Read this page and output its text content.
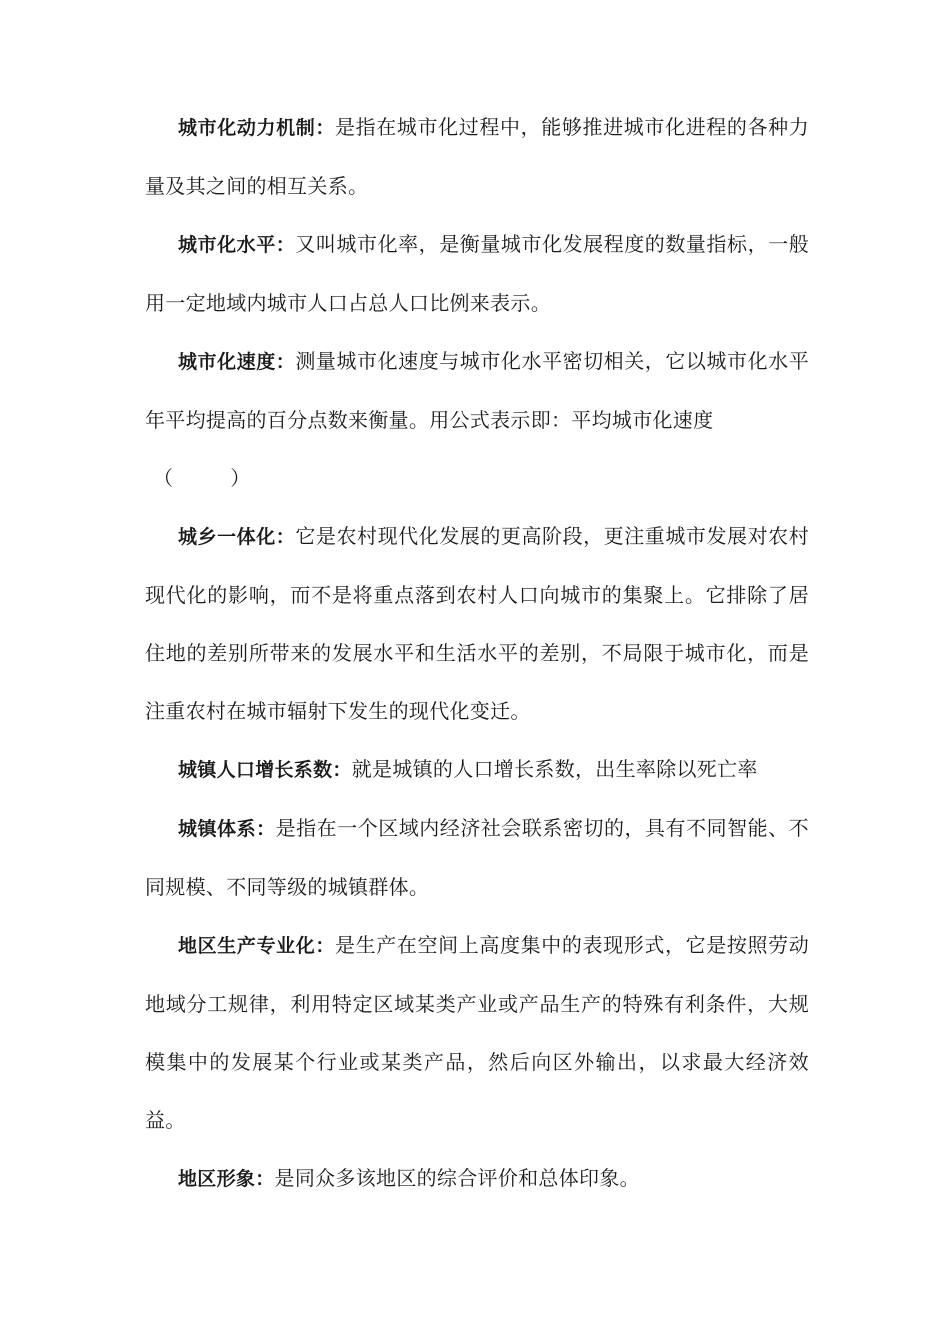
城市化动力机制：是指在城市化过程中，能够推进城市化进程的各种力量及其之间的相互关系。

城市化水平：又叫城市化率，是衡量城市化发展程度的数量指标，一般用一定地域内城市人口占总人口比例来表示。

城市化速度：测量城市化速度与城市化水平密切相关，它以城市化水平年平均提高的百分点数来衡量。用公式表示即：平均城市化速度

（         ）

城乡一体化：它是农村现代化发展的更高阶段，更注重城市发展对农村现代化的影响，而不是将重点落到农村人口向城市的集聚上。它排除了居住地的差别所带来的发展水平和生活水平的差别，不局限于城市化，而是注重农村在城市辐射下发生的现代化变迁。

城镇人口增长系数：就是城镇的人口增长系数，出生率除以死亡率

城镇体系：是指在一个区域内经济社会联系密切的，具有不同智能、不同规模、不同等级的城镇群体。

地区生产专业化：是生产在空间上高度集中的表现形式，它是按照劳动地域分工规律，利用特定区域某类产业或产品生产的特殊有利条件，大规模集中的发展某个行业或某类产品，然后向区外输出，以求最大经济效益。

地区形象：是同众多该地区的综合评价和总体印象。
